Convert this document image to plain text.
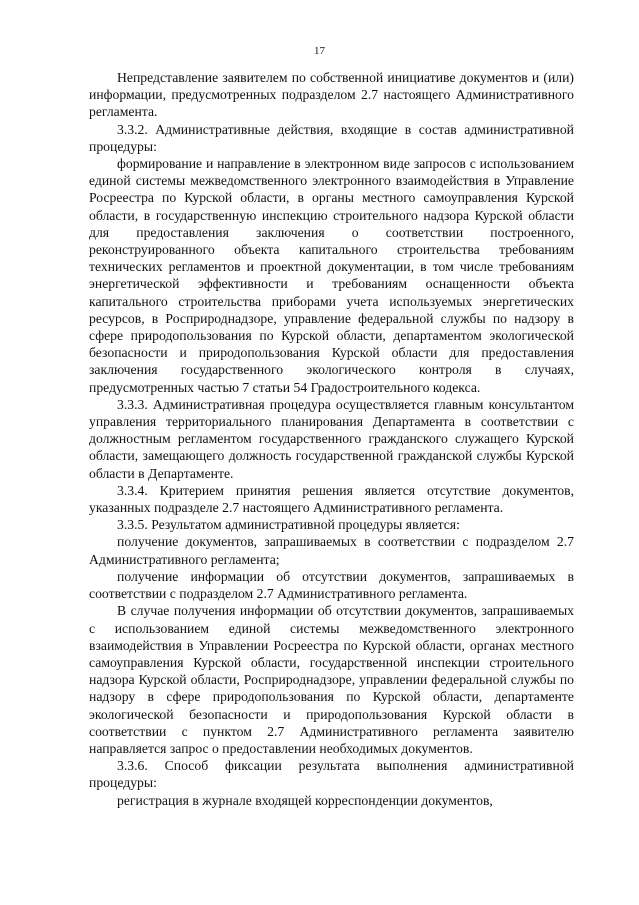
17

Непредставление заявителем по собственной инициативе документов и (или) информации, предусмотренных подразделом 2.7 настоящего Административного регламента.

3.3.2. Административные действия, входящие в состав административной процедуры:

формирование и направление в электронном виде запросов с использованием единой системы межведомственного электронного взаимодействия в Управление Росреестра по Курской области, в органы местного самоуправления Курской области, в государственную инспекцию строительного надзора Курской области для предоставления заключения о соответствии построенного, реконструированного объекта капитального строительства требованиям технических регламентов и проектной документации, в том числе требованиям энергетической эффективности и требованиям оснащенности объекта капитального строительства приборами учета используемых энергетических ресурсов, в Росприроднадзоре, управление федеральной службы по надзору в сфере природопользования по Курской области, департаментом экологической безопасности и природопользования Курской области для предоставления заключения государственного экологического контроля в случаях, предусмотренных частью 7 статьи 54 Градостроительного кодекса.

3.3.3. Административная процедура осуществляется главным консультантом управления территориального планирования Департамента в соответствии с должностным регламентом государственного гражданского служащего Курской области, замещающего должность государственной гражданской службы Курской области в Департаменте.

3.3.4. Критерием принятия решения является отсутствие документов, указанных подразделе 2.7 настоящего Административного регламента.

3.3.5. Результатом административной процедуры является:

получение документов, запрашиваемых в соответствии с подразделом 2.7 Административного регламента;

получение информации об отсутствии документов, запрашиваемых в соответствии с подразделом 2.7 Административного регламента.

В случае получения информации об отсутствии документов, запрашиваемых с использованием единой системы межведомственного электронного взаимодействия в Управлении Росреестра по Курской области, органах местного самоуправления Курской области, государственной инспекции строительного надзора Курской области, Росприроднадзоре, управлении федеральной службы по надзору в сфере природопользования по Курской области, департаменте экологической безопасности и природопользования Курской области в соответствии с пунктом 2.7 Административного регламента заявителю направляется запрос о предоставлении необходимых документов.

3.3.6. Способ фиксации результата выполнения административной процедуры:

регистрация в журнале входящей корреспонденции документов,
